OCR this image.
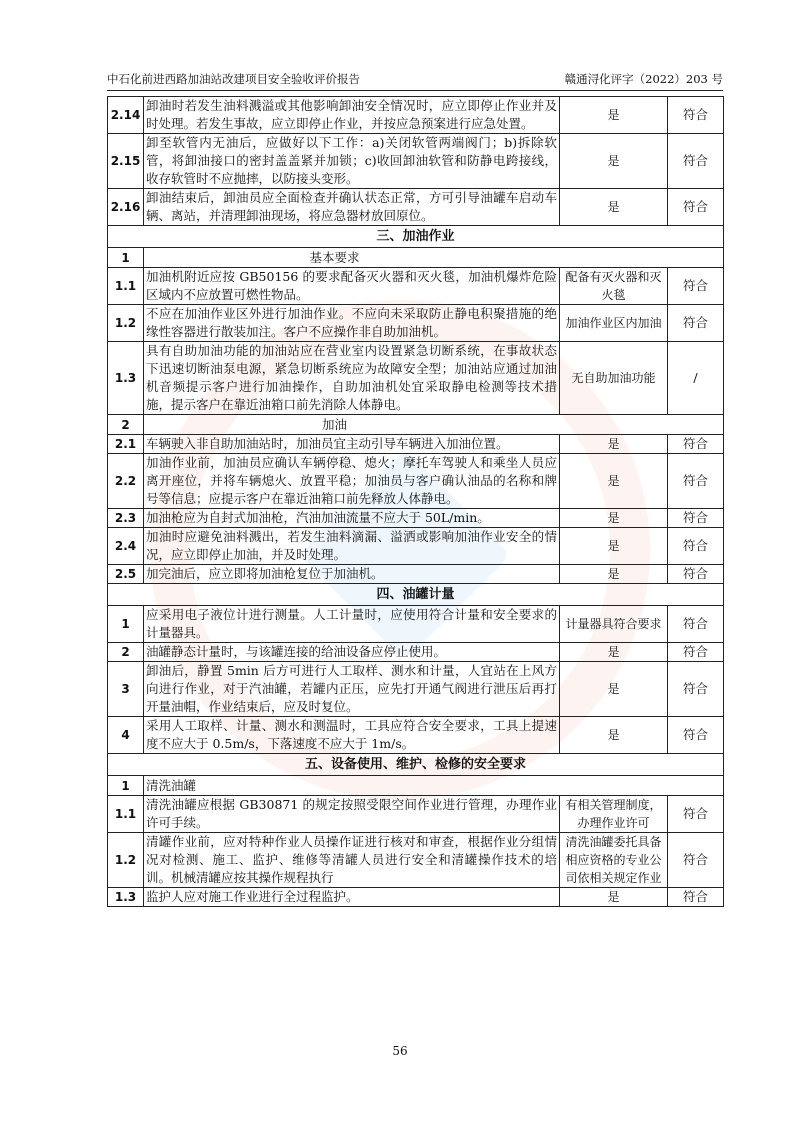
中石化前进西路加油站改建项目安全验收评价报告	赣通浔化评字（2022）203 号
2.14	卸油时若发生油料溅溢或其他影响卸油安全情况时，应立即停止作业并及时处理。若发生事故，应立即停止作业，并按应急预案进行应急处置。	是	符合
2.15	卸至软管内无油后，应做好以下工作：a)关闭软管两端阀门；b)拆除软管，将卸油接口的密封盖盖紧并加锁；c)收回卸油软管和防静电跨接线，收存软管时不应抛摔，以防接头变形。	是	符合
2.16	卸油结束后，卸油员应全面检查并确认状态正常，方可引导油罐车启动车辆、离站，并清理卸油现场，将应急器材放回原位。	是	符合
三、加油作业			
1	基本要求		
1.1	加油机附近应按 GB50156 的要求配备灭火器和灭火毯，加油机爆炸危险区域内不应放置可燃性物品。	配备有灭火器和灭火毯	符合
1.2	不应在加油作业区外进行加油作业。不应向未采取防止静电积聚措施的绝缘性容器进行散装加注。客户不应操作非自助加油机。	加油作业区内加油	符合
1.3	具有自助加油功能的加油站应在营业室内设置紧急切断系统，在事故状态下迅速切断油泵电源，紧急切断系统应为故障安全型；加油站应通过加油机音频提示客户进行加油操作，自助加油机处宜采取静电检测等技术措施，提示客户在靠近油箱口前先消除人体静电。	无自助加油功能	/
2	加油		
2.1	车辆驶入非自助加油站时，加油员宜主动引导车辆进入加油位置。	是	符合
2.2	加油作业前，加油员应确认车辆停稳、熄火；摩托车驾驶人和乘坐人员应离开座位，并将车辆熄火、放置平稳；加油员与客户确认油品的名称和牌号等信息；应提示客户在靠近油箱口前先释放人体静电。	是	符合
2.3	加油枪应为自封式加油枪，汽油加油流量不应大于 50L/min。	是	符合
2.4	加油时应避免油料溅出，若发生油料滴漏、溢洒或影响加油作业安全的情况，应立即停止加油，并及时处理。	是	符合
2.5	加完油后，应立即将加油枪复位于加油机。	是	符合
四、油罐计量			
1	应采用电子液位计进行测量。人工计量时，应使用符合计量和安全要求的计量器具。	计量器具符合要求	符合
2	油罐静态计量时，与该罐连接的给油设备应停止使用。	是	符合
3	卸油后，静置 5min 后方可进行人工取样、测水和计量，人宜站在上风方向进行作业，对于汽油罐，若罐内正压，应先打开通气阀进行泄压后再打开量油帽，作业结束后，应及时复位。	是	符合
4	采用人工取样、计量、测水和测温时，工具应符合安全要求，工具上提速度不应大于 0.5m/s，下落速度不应大于 1m/s。	是	符合
五、设备使用、维护、检修的安全要求			
1	清洗油罐		
1.1	清洗油罐应根据 GB30871 的规定按照受限空间作业进行管理，办理作业许可手续。	有相关管理制度，办理作业许可	符合
1.2	清罐作业前，应对特种作业人员操作证进行核对和审查，根据作业分组情况对检测、施工、监护、维修等清罐人员进行安全和清罐操作技术的培训。机械清罐应按其操作规程执行	清洗油罐委托具备相应资格的专业公司依相关规定作业	符合
1.3	监护人应对施工作业进行全过程监护。	是	符合
56
